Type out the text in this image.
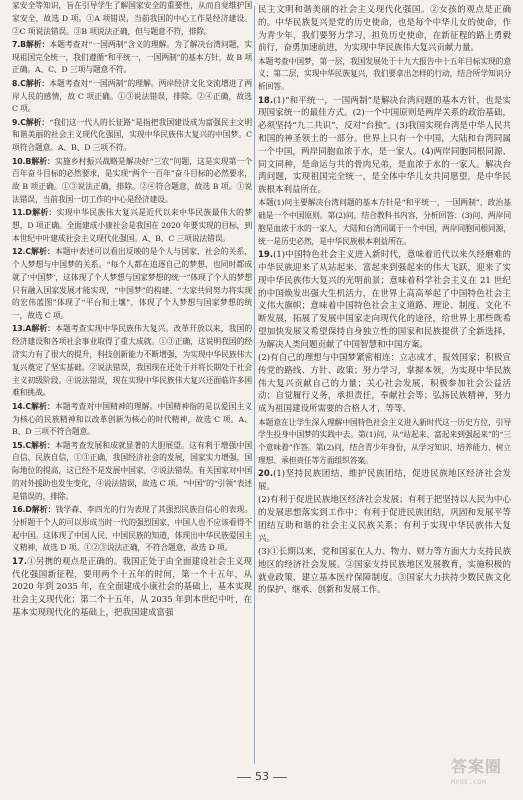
家安全等知识，旨在引导学生了解国家安全的重要性，从而自觉维护国家安全，故选 D 项。①A 项错误，当前我国的中心工作是经济建设。②C 项说法错误。③B 项说法正确，但与题意不符，排除。

7.B解析：本题考查对“一国两制”含义的理解。为了解决台湾问题，实现祖国完全统一，我们遵循“和平统一，一国两制”的基本方针，故 B 项正确。A、C、D 三项与题意不符。

8.C解析：本题考查对“一国两制”的理解。两岸经济文化交流增进了两岸人民的感情，故 C 项正确。①③说法错误，排除。②④正确，故选 C 项。

9.C解析：“我们这一代人的长征路”是指把我国建设成为富强民主文明和谐美丽的社会主义现代化强国，实现中华民族伟大复兴的中国梦。C 项符合题意。A、B、D 三项不符。

10.B解析：实施乡村振兴战略是解决好“三农”问题，这是实现第一个百年奋斗目标的必然要求，是实现“两个一百年”奋斗目标的必然要求，故 B 项正确。①③说法正确，排除。②④符合题意，故选 B 项。①说法错误，当前我国一切工作的中心是经济建设。

11.D解析：实现中华民族伟大复兴是近代以来中华民族最伟大的梦想，D 项正确。全面建成小康社会是我国在 2020 年要实现的目标，到本世纪中叶建成社会主义现代化强国。A、B、C 三项说法错误。

12.C解析：本题中表述可以看出反映的是个人与国家、社会的关系，个人梦想与中国梦的关系。“每个人都在追逐自己的梦想，也同时都成就了‘中国梦’，这体现了个人梦想与国家梦想的统一”体现了个人的梦想只有融入国家发展才能实现，“中国梦”的构建、“大家共同努力将实现的宏伟蓝图”体现了“平台和土壤”，体现了个人梦想与国家梦想的统一，故选 C 项。

13.A解析：本题考查实现中华民族伟大复兴。改革开放以来，我国的经济建设和各项社会事业取得了重大成就。①③正确，这说明我国的经济实力有了很大的提升，科技创新能力不断增强，为实现中华民族伟大复兴奠定了坚实基础。②说法错误，我国现在还处于并将长期处于社会主义初级阶段。④说法错误，现在实现中华民族伟大复兴还面临许多困难和挑战。

14.C解析：本题考查对中国精神的理解。中国精神指的是以爱国主义为核心的民族精神和以改革创新为核心的时代精神，故选 C 项。A、B、D 三项不符合题意。

15.C解析：本题考查发展和成就显著的大胆展望。这有利于增强中国自信、民族自信，①③正确，我国经济社会的发展，国家实力增强，国际地位的提高，这已经不是发展中国家，②说法错误。有关国家对中国的对外援助也发生变化，④说法错误，故选 C 项。“中国”的“引领”表述是错误的，排除。

16.D解析：钱学森、李四光的行为表现了其强烈民族自信心的表现。分析题干个人的可以形成当时一代的强烈国家，中国人也不应该看得不起中国。这体现了中国人民、中国民族的知道，体现出中华民族爱国主义精神，故选 D 项。①②③说法正确，不符合题意，故选 D 项。

17.①另携的观点是正确的。我国正处于由全面建设社会主义现代化强国新征程，要用两个十五年的时间，第一个十五年，从 2020 年到 2035 年，在全面建成小康社会的基础上，基本实现社会主义现代化；第二个十五年，从 2035 年到本世纪中叶，在基本实现现代化的基础上，把我国建成富强

民主文明和谐美丽的社会主义现代化强国。②女孩的观点是正确的。中华民族复兴是党的历史使命，也是每个中华儿女的使命，作为青少年，我们要努力学习，担负历史使命，在新征程的路上勇毅前行，奋勇加速前进，为实现中华民族伟大复兴贡献力量。

本题考查中国梦，第一层，我国发展处于十九大报告中十五年目标实现的意义；第二层，实现中华民族复兴，我们要拿出怎样的行动，结合所学知识分析回答。

18.(1)“和平统一，一国两制”是解决台湾问题的基本方针，也是实现国家统一的最佳方式。(2)一个中国原则是两岸关系的政治基础，必须坚持“九二共识”，反对“台独”。(3)我国实现台湾是中华人民共和国的神圣领土的一部分。世界上只有一个中国，大陆和台湾同属一个中国，两岸同胞血浓于水，是一家人。(4)两岸同胞同根同源、同文同种，是命运与共的骨肉兄弟，是血浓于水的一家人。解决台湾问题，实现祖国完全统一，是全体中华儿女共同愿望，是中华民族根本利益所在。

本题(1)问主要解决台湾问题的基本方针是“和平统一，一国两制”，政治基础是一个中国原则。第(2)问，结合教科书内容，分析回答：(3)问、两岸同胞是血浓于水的一家人，大陆和台湾同属于一个中国，两岸同胞同根同源，统一是历史必然，是中华民族根本利益所在。

19.(1)中国特色社会主义进入新时代，意味着近代以来久经磨难的中华民族迎来了从站起来、富起来到强起来的伟大飞跃，迎来了实现中华民族伟大复兴的光明前景；意味着科学社会主义在 21 世纪的中国焕发出强大生机活力，在世界上高高举起了中国特色社会主义伟大旗帜；意味着中国特色社会主义道路、理论、制度、文化不断发展，拓展了发展中国家走向现代化的途径，给世界上那些既希望加快发展又希望保持自身独立性的国家和民族提供了全新选择，为解决人类问题贡献了中国智慧和中国方案。

(2)有自己的理想与中国梦紧密相连：立志成才，报效国家；积极宣传党的路线、方针、政策；努力学习，掌握本领，为实现中华民族伟大复兴贡献自己的力量；关心社会发展，积极参加社会公益活动；自觉履行义务，承担责任，奉献社会等；弘扬民族精神，努力成为祖国建设所需要的合格人才，等等。

本题意在让学生深入理解中国特色社会主义进入新时代这一历史方位，引导学生投身中国梦的实践中去。第(1)问，从“站起来、富起来到强起来”的“三个意味着”作答。第(2)问，结合青少年身份，从学习知识、培养能力、树立理想、承担责任等方面组织答案。

20.(1)坚持民族团结，维护民族团结，促进民族地区经济社会发展。

(2)有利于促进民族地区经济社会发展；有利于把坚持以人民为中心的发展思想落实到工作中；有利于促进民族团结，巩固和发展平等团结互助和谐的社会主义民族关系；有利于实现中华民族伟大复兴。

(3)①长期以来，党和国家在人力、物力、财力等方面大力支持民族地区的经济社会发展。②国家支持民族地区发展教育，实施积极的就业政策，建立基本医疗保障制度。③国家大力扶持少数民族文化的保护、继承、创新和发展工作。

53
答案圈
MXQE.COM
